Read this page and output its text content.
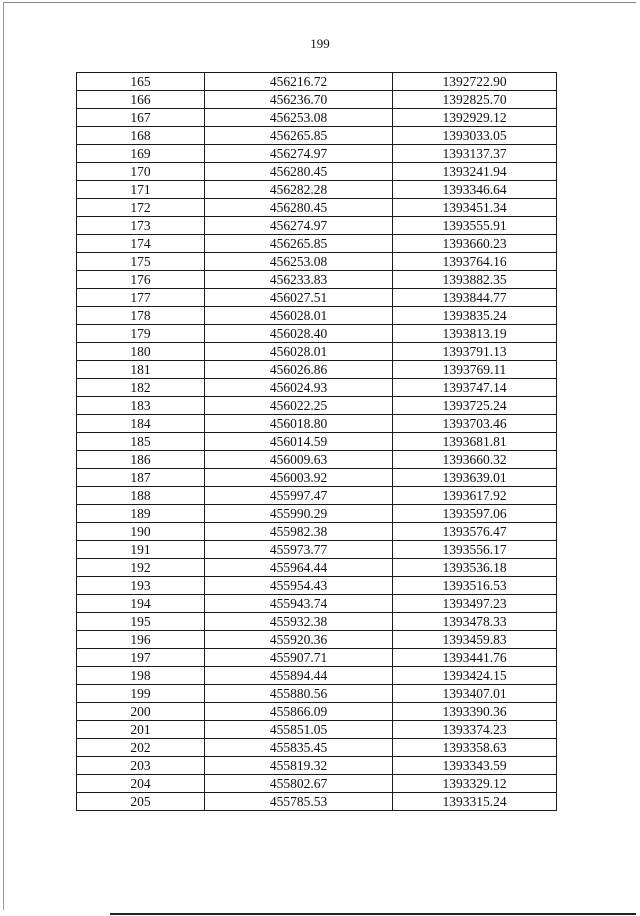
199
165	456216.72	1392722.90
166	456236.70	1392825.70
167	456253.08	1392929.12
168	456265.85	1393033.05
169	456274.97	1393137.37
170	456280.45	1393241.94
171	456282.28	1393346.64
172	456280.45	1393451.34
173	456274.97	1393555.91
174	456265.85	1393660.23
175	456253.08	1393764.16
176	456233.83	1393882.35
177	456027.51	1393844.77
178	456028.01	1393835.24
179	456028.40	1393813.19
180	456028.01	1393791.13
181	456026.86	1393769.11
182	456024.93	1393747.14
183	456022.25	1393725.24
184	456018.80	1393703.46
185	456014.59	1393681.81
186	456009.63	1393660.32
187	456003.92	1393639.01
188	455997.47	1393617.92
189	455990.29	1393597.06
190	455982.38	1393576.47
191	455973.77	1393556.17
192	455964.44	1393536.18
193	455954.43	1393516.53
194	455943.74	1393497.23
195	455932.38	1393478.33
196	455920.36	1393459.83
197	455907.71	1393441.76
198	455894.44	1393424.15
199	455880.56	1393407.01
200	455866.09	1393390.36
201	455851.05	1393374.23
202	455835.45	1393358.63
203	455819.32	1393343.59
204	455802.67	1393329.12
205	455785.53	1393315.24
